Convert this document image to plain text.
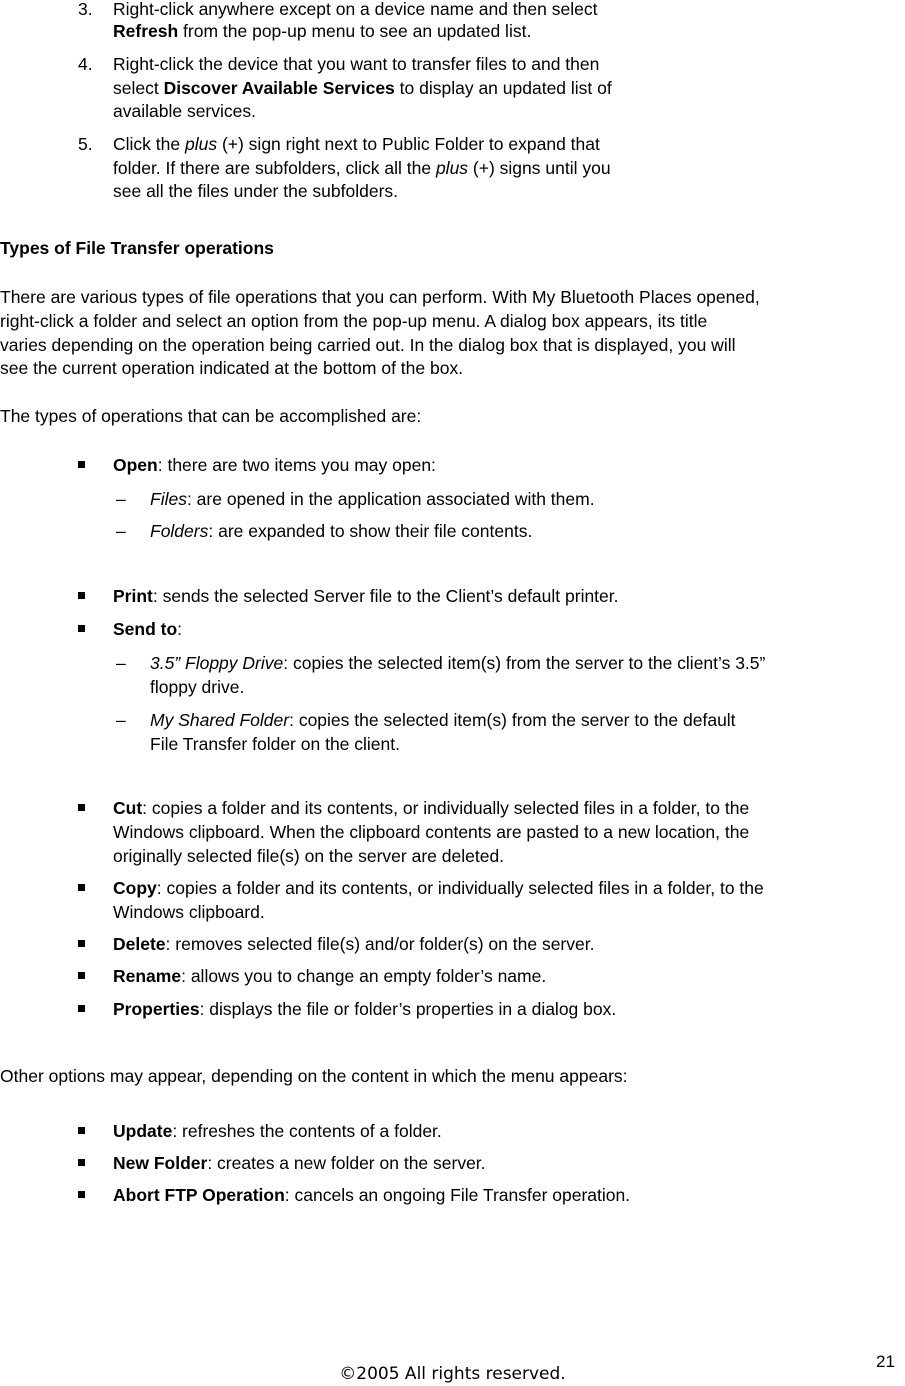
3. Right-click anywhere except on a device name and then select
Refresh from the pop-up menu to see an updated list.
4. Right-click the device that you want to transfer files to and then
select Discover Available Services to display an updated list of
available services.
5. Click the plus (+) sign right next to Public Folder to expand that
folder. If there are subfolders, click all the plus (+) signs until you
see all the files under the subfolders.
Types of File Transfer operations
There are various types of file operations that you can perform. With My Bluetooth Places opened,
right-click a folder and select an option from the pop-up menu. A dialog box appears, its title
varies depending on the operation being carried out. In the dialog box that is displayed, you will
see the current operation indicated at the bottom of the box.
The types of operations that can be accomplished are:
Open: there are two items you may open:
– Files: are opened in the application associated with them.
– Folders: are expanded to show their file contents.
Print: sends the selected Server file to the Client’s default printer.
Send to:
– 3.5” Floppy Drive: copies the selected item(s) from the server to the client’s 3.5”
floppy drive.
– My Shared Folder: copies the selected item(s) from the server to the default
File Transfer folder on the client.
Cut: copies a folder and its contents, or individually selected files in a folder, to the
Windows clipboard. When the clipboard contents are pasted to a new location, the
originally selected file(s) on the server are deleted.
Copy: copies a folder and its contents, or individually selected files in a folder, to the
Windows clipboard.
Delete: removes selected file(s) and/or folder(s) on the server.
Rename: allows you to change an empty folder’s name.
Properties: displays the file or folder’s properties in a dialog box.
Other options may appear, depending on the content in which the menu appears:
Update: refreshes the contents of a folder.
New Folder: creates a new folder on the server.
Abort FTP Operation: cancels an ongoing File Transfer operation.
21
©2005 All rights reserved.
